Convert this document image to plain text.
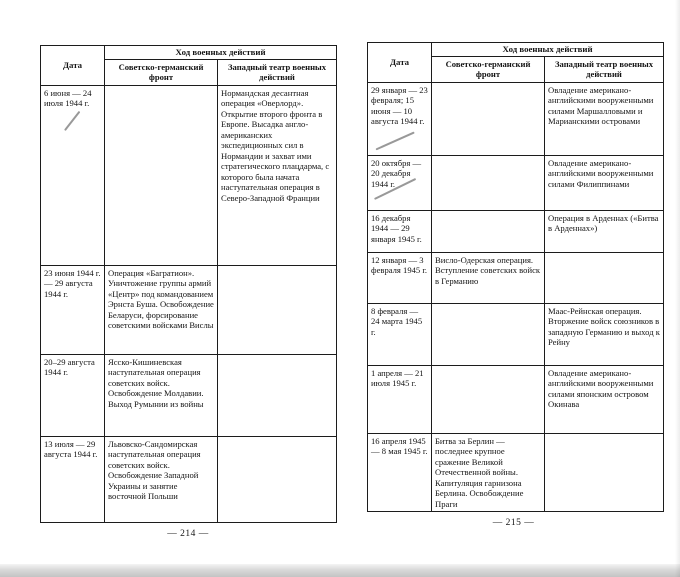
Дата	Ход военных действий	
	Советско-германский фронт	Западный театр военных действий
6 июня — 24 июля 1944 г.		Нормандская десантная операция «Оверлорд». Открытие второго фронта в Европе. Высадка англо-американских экспедиционных сил в Нормандии и захват ими стратегического плацдарма, с которого была начата наступательная операция в Северо-Западной Франции
23 июня 1944 г. — 29 августа 1944 г.	Операция «Багратион». Уничтожение группы армий «Центр» под командованием Эрнста Буша. Освобождение Беларуси, форсирование советскими войсками Вислы	
20–29 августа 1944 г.	Ясско-Кишиневская наступательная операция советских войск. Освобождение Молдавии. Выход Румынии из войны	
13 июля — 29 августа 1944 г.	Львовско-Сандомирская наступательная операция советских войск. Освобождение Западной Украины и занятие восточной Польши	
— 214 —
Дата	Ход военных действий	
	Советско-германский фронт	Западный театр военных действий
29 января — 23 февраля; 15 июня — 10 августа 1944 г.		Овладение американо-английскими вооруженными силами Маршалловыми и Марианскими островами
20 октября — 20 декабря 1944 г.		Овладение американо-английскими вооруженными силами Филиппинами
16 декабря 1944 — 29 января 1945 г.		Операция в Арденнах («Битва в Арденнах»)
12 января — 3 февраля 1945 г.	Висло-Одерская операция. Вступление советских войск в Германию	
8 февраля — 24 марта 1945 г.		Маас-Рейнская операция. Вторжение войск союзников в западную Германию и выход к Рейну
1 апреля — 21 июля 1945 г.		Овладение американо-английскими вооруженными силами японским островом Окинава
16 апреля 1945 — 8 мая 1945 г.	Битва за Берлин — последнее крупное сражение Великой Отечественной войны. Капитуляция гарнизона Берлина. Освобождение Праги	
— 215 —
